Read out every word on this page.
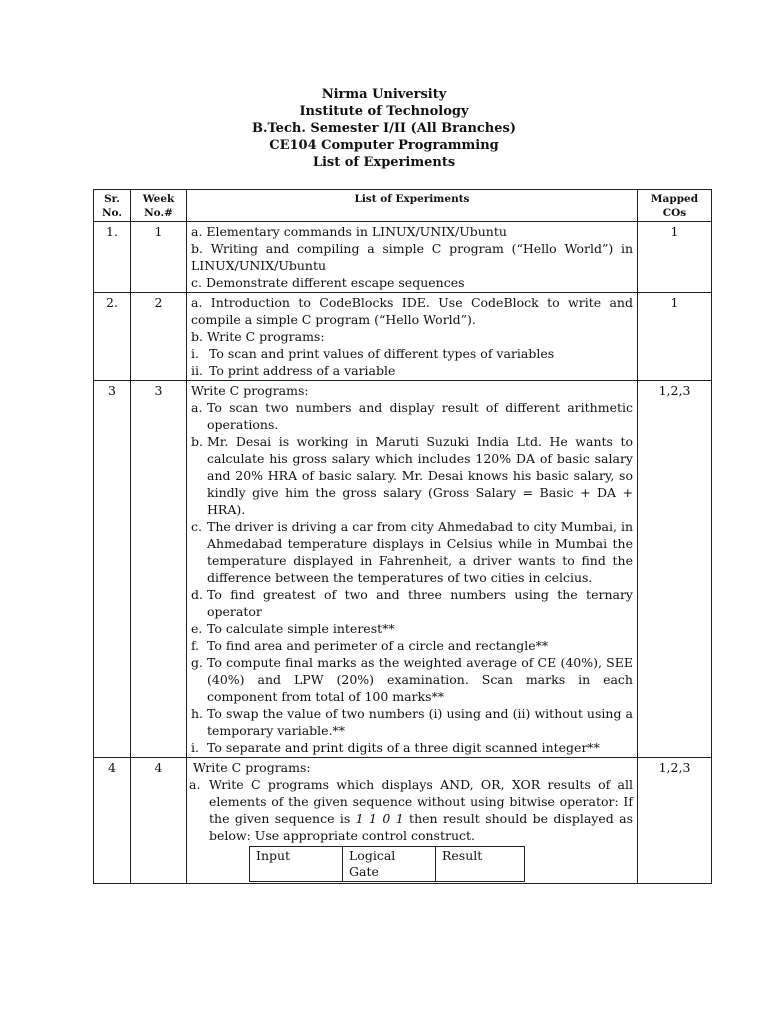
Nirma University
Institute of Technology
B.Tech. Semester I/II (All Branches)
CE104 Computer Programming
List of Experiments
Sr. No.	Week No.#	List of Experiments	Mapped COs
1.	1	a. Elementary commands in LINUX/UNIX/Ubuntu
b. Writing and compiling a simple C program (“Hello World”) in LINUX/UNIX/Ubuntu
c. Demonstrate different escape sequences
	1
2.	2	a. Introduction to CodeBlocks IDE. Use CodeBlock to write and compile a simple C program (“Hello World”).
b. Write C programs:
i. To scan and print values of different types of variables
ii. To print address of a variable
	1
3	3	Write C programs:
a. To scan two numbers and display result of different arithmetic operations.
b. Mr. Desai is working in Maruti Suzuki India Ltd. He wants to calculate his gross salary which includes 120% DA of basic salary and 20% HRA of basic salary. Mr. Desai knows his basic salary, so kindly give him the gross salary (Gross Salary = Basic + DA + HRA).
c. The driver is driving a car from city Ahmedabad to city Mumbai, in Ahmedabad temperature displays in Celsius while in Mumbai the temperature displayed in Fahrenheit, a driver wants to find the difference between the temperatures of two cities in celcius.
d. To find greatest of two and three numbers using the ternary operator
e. To calculate simple interest**
f. To find area and perimeter of a circle and rectangle**
g. To compute final marks as the weighted average of CE (40%), SEE (40%) and LPW (20%) examination. Scan marks in each component from total of 100 marks**
h. To swap the value of two numbers (i) using and (ii) without using a temporary variable.**
i. To separate and print digits of a three digit scanned integer**
	1,2,3
4	4	Write C programs:
a. Write C programs which displays AND, OR, XOR results of all elements of the given sequence without using bitwise operator: If the given sequence is 1 1 0 1 then result should be displayed as below: Use appropriate control construct.
Input	Logical Gate	Result
	1,2,3
